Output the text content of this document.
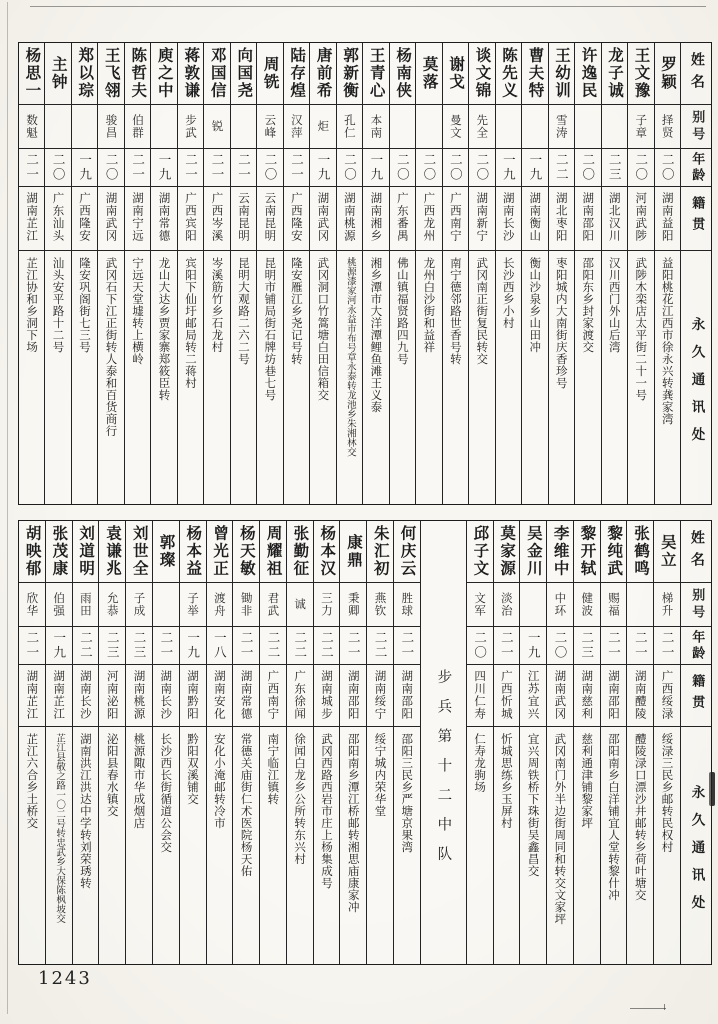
姓名
别号
年龄
籍贯
永久通讯处
罗颖
择贤
二〇
湖南益阳
益阳桃花江西市徐永兴转龚家湾
王文豫
子章
二〇
河南武陟
武陟木栾店太平街二十一号
龙子诚
二三
湖北汉川
汉川西门外山后湾
许逸民
二〇
湖南邵阳
邵阳东乡封家渡交
王幼训
雪涛
二二
湖北枣阳
枣阳城内大南街庆香珍号
曹夫特
一九
湖南衡山
衡山沙泉乡山田冲
陈先义
一九
湖南长沙
长沙西乡小村
谈文锦
先全
二〇
湖南新宁
武冈南正街复民转交
谢戈
曼文
二〇
广西南宁
南宁德邻路世香号转
莫落
二〇
广西龙州
龙州白沙街和益祥
杨南侠
二〇
广东番禺
佛山镇福贤路四九号
王青心
本南
一九
湖南湘乡
湘乡潭市大洋潭鲤鱼滩王义泰
郭新衡
孔仁
二〇
湖南桃源
桃源漆家河永益市布号章永泰转龙池乡朱湘林交
唐前希
炬
一九
湖南武冈
武冈洞口竹篙塘白田信箱交
陆存煌
汉萍
二一
广西隆安
隆安雁江乡尧记号转
周铣
云峰
二〇
云南昆明
昆明市铺局街石牌坊巷七号
向国尧
二一
云南昆明
昆明大观路二六二号
邓国信
锐
二一
广西岑溪
岑溪筋竹乡石龙村
蒋敦谦
步武
二一
广西宾阳
宾阳下仙圩邮局转二蒋村
庾之中
一九
湖南常德
龙山大达乡贾家寨郑筱臣转
陈哲夫
伯群
二一
湖南宁远
宁远天堂墟转上横岭
王飞翎
骏昌
二〇
湖南武冈
武冈石下江正街转人泰和百货商行
郑以琮
一九
广西隆安
隆安巩阁街七三号
主钟
二〇
广东汕头
汕头安平路十二号
杨思一
数魁
二一
湖南芷江
芷江协和乡洞下场
姓名
别号
年龄
籍贯
永久通讯处
吴立
梯升
二一
广西绥渌
绥渌三民乡邮转民权村
张鹤鸣
二一
湖南醴陵
醴陵渌口漂沙井邮转乡荷叶塘交
黎纯武
赐福
二一
湖南邵阳
邵阳南乡白洋铺宜人堂转黎什冲
黎开轼
健波
二三
湖南慈利
慈利通津铺黎家坪
李维中
中环
二〇
湖南武冈
武冈南门外半边街周同和转交文家坪
吴金川
一九
江苏宜兴
宜兴周铁桥下珠街吴鑫昌交
莫家源
淡治
二一
广西忻城
忻城思练乡玉屏村
邱子文
文军
二〇
四川仁寿
仁寿龙驹场
步兵第十二中队
何庆云
胜球
二一
湖南邵阳
邵阳三民乡严塘京果湾
朱汇初
燕钦
二二
湖南绥宁
绥宁城内荣华堂
康鼎
秉卿
二一
湖南邵阳
邵阳南乡潭江桥邮转湘思庙康家冲
杨本汉
三力
二二
湖南城步
武冈西路西岩市庄上杨集成号
张勤征
诚
二二
广东徐闻
徐闻白龙乡公所转东兴村
周耀祖
君武
二二
广西南宁
南宁临江镇转
杨天敏
锄非
二一
湖南常德
常德关庙街仁术医院杨天佑
曾光正
渡舟
一八
湖南安化
安化小淹邮转冷市
杨本益
子举
一九
湖南黔阳
黔阳双溪铺交
郭璨
二一
湖南长沙
长沙西长街循道公会交
刘世全
子成
二三
湖南桃源
桃源陬市华成烟店
袁谦兆
允恭
二三
河南泌阳
泌阳县春水镇交
刘道明
雨田
二二
湖南长沙
湖南洪江洪达中学转刘荣琇转
张茂康
伯强
一九
湖南芷江
芷江县敬之路一〇二号转忠武乡大保陈枫坡交
胡映郁
欣华
二一
湖南芷江
芷江六合乡土桥交
1243
